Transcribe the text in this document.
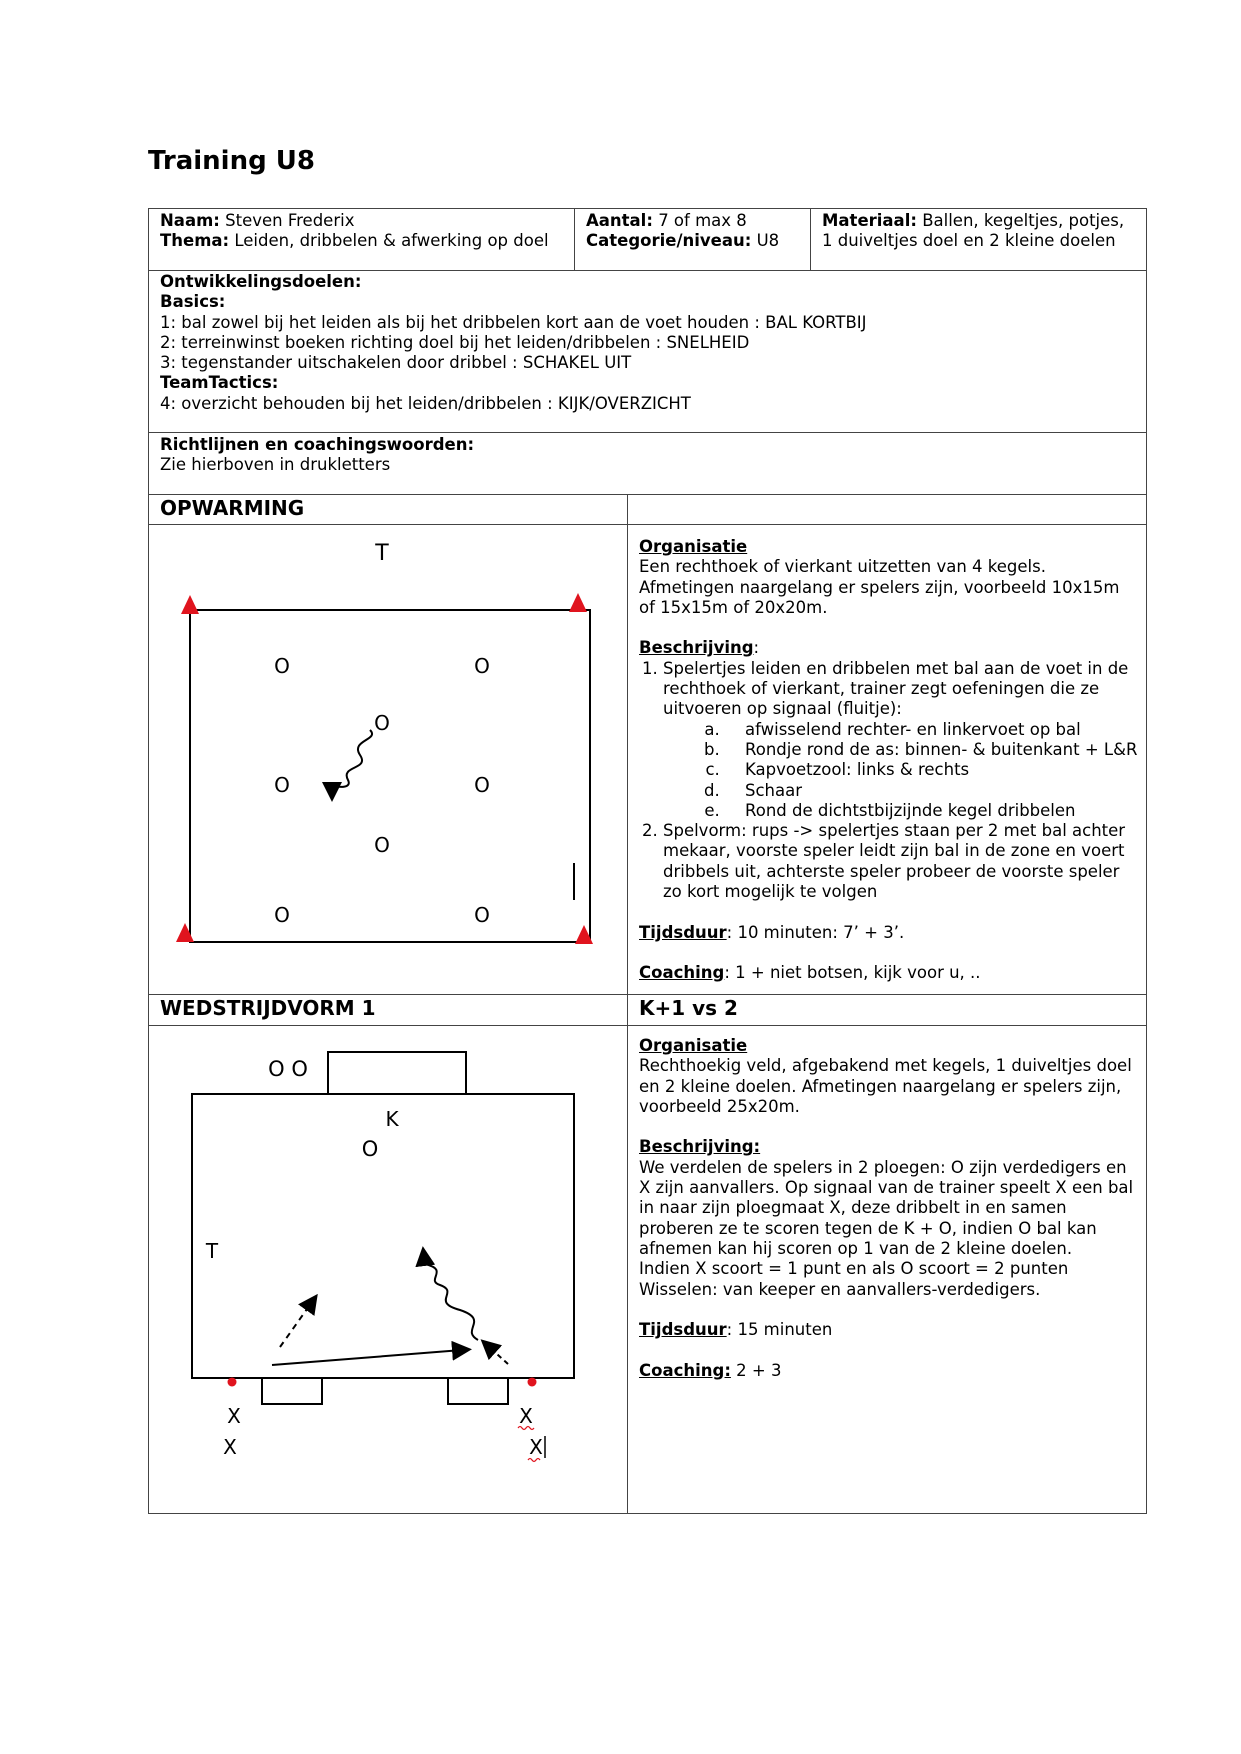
Training U8
Naam: Steven Frederix
Thema: Leiden, dribbelen & afwerking op doel
Aantal: 7 of max 8
Categorie/niveau: U8
Materiaal: Ballen, kegeltjes, potjes,
1 duiveltjes doel en 2 kleine doelen
Ontwikkelingsdoelen:
Basics:
1: bal zowel bij het leiden als bij het dribbelen kort aan de voet houden : BAL KORTBIJ
2: terreinwinst boeken richting doel bij het leiden/dribbelen : SNELHEID
3: tegenstander uitschakelen door dribbel : SCHAKEL UIT
TeamTactics:
4: overzicht behouden bij het leiden/dribbelen : KIJK/OVERZICHT
Richtlijnen en coachingswoorden:
Zie hierboven in drukletters
OPWARMING
T
O	O
O
O	O
O
O	O
Organisatie
Een rechthoek of vierkant uitzetten van 4 kegels. Afmetingen naargelang er spelers zijn, voorbeeld 10x15m of 15x15m of 20x20m.
Beschrijving:
1. Spelertjes leiden en dribbelen met bal aan de voet in de rechthoek of vierkant, trainer zegt oefeningen die ze uitvoeren op signaal (fluitje):
a. afwisselend rechter- en linkervoet op bal
b. Rondje rond de as: binnen- & buitenkant + L&R
c. Kapvoetzool: links & rechts
d. Schaar
e. Rond de dichtstbijzijnde kegel dribbelen
2. Spelvorm: rups -> spelertjes staan per 2 met bal achter mekaar, voorste speler leidt zijn bal in de zone en voert dribbels uit, achterste speler probeer de voorste speler zo kort mogelijk te volgen
Tijdsduur: 10 minuten: 7’ + 3’.
Coaching: 1 + niet botsen, kijk voor u, ..
WEDSTRIJDVORM 1	K+1 vs 2
O O
K
O
T
X
X
X
X
Organisatie
Rechthoekig veld, afgebakend met kegels, 1 duiveltjes doel en 2 kleine doelen. Afmetingen naargelang er spelers zijn, voorbeeld 25x20m.
Beschrijving:
We verdelen de spelers in 2 ploegen: O zijn verdedigers en X zijn aanvallers. Op signaal van de trainer speelt X een bal in naar zijn ploegmaat X, deze dribbelt in en samen proberen ze te scoren tegen de K + O, indien O bal kan afnemen kan hij scoren op 1 van de 2 kleine doelen.
Indien X scoort = 1 punt en als O scoort = 2 punten
Wisselen: van keeper en aanvallers-verdedigers.
Tijdsduur: 15 minuten
Coaching: 2 + 3
